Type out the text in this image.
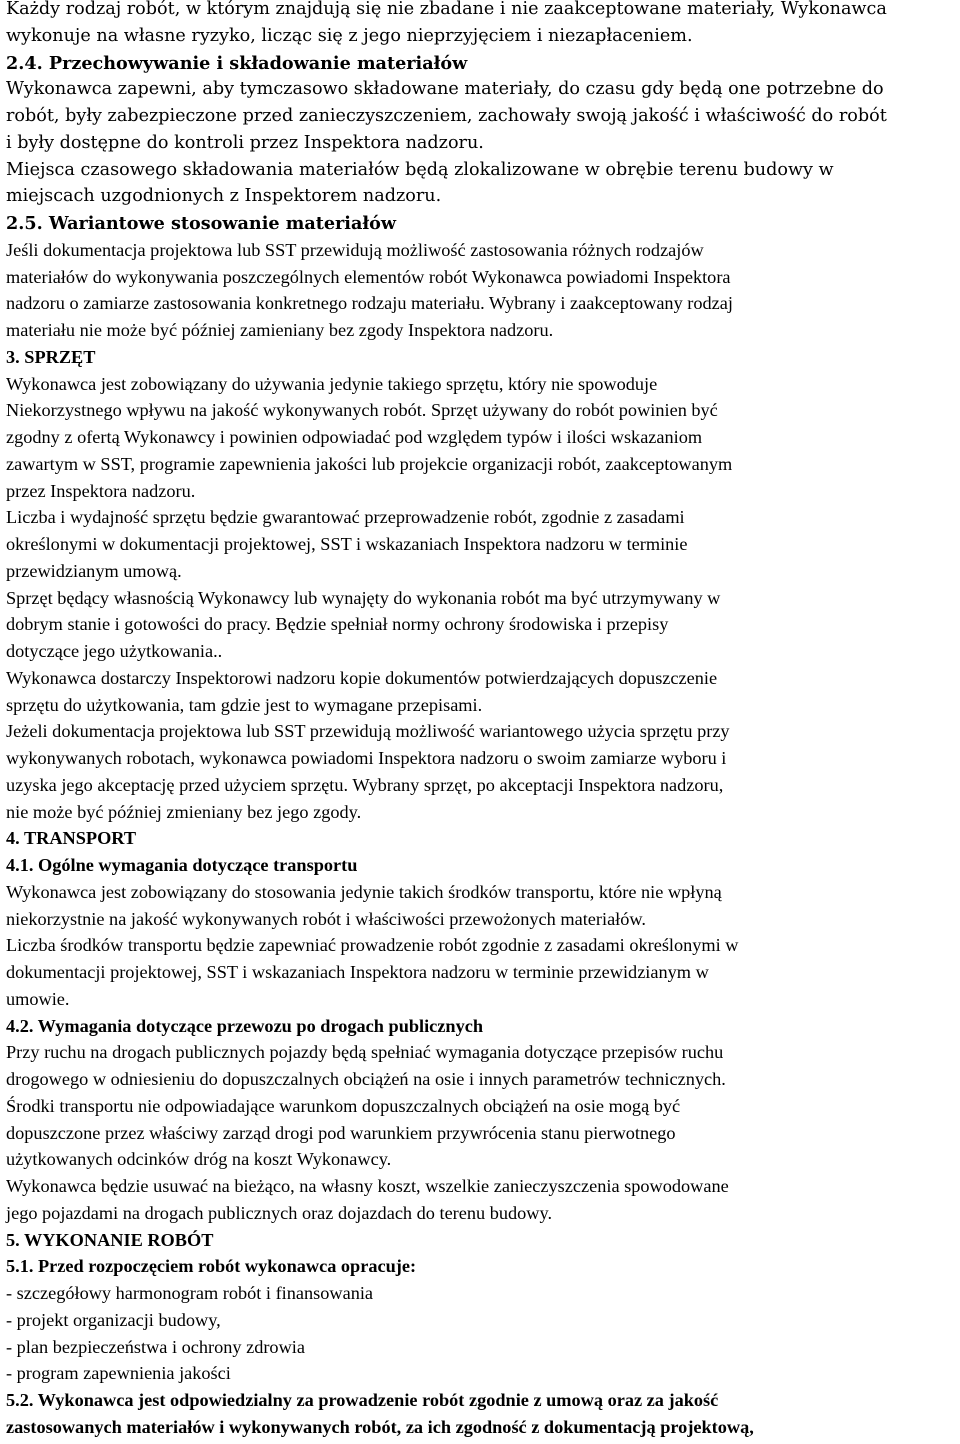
Każdy rodzaj robót, w którym znajdują się nie zbadane i nie zaakceptowane materiały, Wykonawca
wykonuje na własne ryzyko, licząc się z jego nieprzyjęciem i niezapłaceniem.
2.4. Przechowywanie i składowanie materiałów
Wykonawca zapewni, aby tymczasowo składowane materiały, do czasu gdy będą one potrzebne do
robót, były zabezpieczone przed zanieczyszczeniem, zachowały swoją jakość i właściwość do robót
i były dostępne do kontroli przez Inspektora nadzoru.
Miejsca czasowego składowania materiałów będą zlokalizowane w obrębie terenu budowy w
miejscach uzgodnionych z Inspektorem nadzoru.
2.5. Wariantowe stosowanie materiałów
Jeśli dokumentacja projektowa lub SST przewidują możliwość zastosowania różnych rodzajów
materiałów do wykonywania poszczególnych elementów robót Wykonawca powiadomi Inspektora
nadzoru o zamiarze zastosowania konkretnego rodzaju materiału. Wybrany i zaakceptowany rodzaj
materiału nie może być później zamieniany bez zgody Inspektora nadzoru.
3. SPRZĘT
Wykonawca jest zobowiązany do używania jedynie takiego sprzętu, który nie spowoduje
Niekorzystnego wpływu na jakość wykonywanych robót. Sprzęt używany do robót powinien być
zgodny z ofertą Wykonawcy i powinien odpowiadać pod względem typów i ilości wskazaniom
zawartym w SST, programie zapewnienia jakości lub projekcie organizacji robót, zaakceptowanym
przez Inspektora nadzoru.
Liczba i wydajność sprzętu będzie gwarantować przeprowadzenie robót, zgodnie z zasadami
określonymi w dokumentacji projektowej, SST i wskazaniach Inspektora nadzoru w terminie
przewidzianym umową.
Sprzęt będący własnością Wykonawcy lub wynajęty do wykonania robót ma być utrzymywany w
dobrym stanie i gotowości do pracy. Będzie spełniał normy ochrony środowiska i przepisy
dotyczące jego użytkowania..
Wykonawca dostarczy Inspektorowi nadzoru kopie dokumentów potwierdzających dopuszczenie
sprzętu do użytkowania, tam gdzie jest to wymagane przepisami.
Jeżeli dokumentacja projektowa lub SST przewidują możliwość wariantowego użycia sprzętu przy
wykonywanych robotach, wykonawca powiadomi Inspektora nadzoru o swoim zamiarze wyboru i
uzyska jego akceptację przed użyciem sprzętu. Wybrany sprzęt, po akceptacji Inspektora nadzoru,
nie może być później zmieniany bez jego zgody.
4. TRANSPORT
4.1. Ogólne wymagania dotyczące transportu
Wykonawca jest zobowiązany do stosowania jedynie takich środków transportu, które nie wpłyną
niekorzystnie na jakość wykonywanych robót i właściwości przewożonych materiałów.
Liczba środków transportu będzie zapewniać prowadzenie robót zgodnie z zasadami określonymi w
dokumentacji projektowej, SST i wskazaniach Inspektora nadzoru w terminie przewidzianym w
umowie.
4.2. Wymagania dotyczące przewozu po drogach publicznych
Przy ruchu na drogach publicznych pojazdy będą spełniać wymagania dotyczące przepisów ruchu
drogowego w odniesieniu do dopuszczalnych obciążeń na osie i innych parametrów technicznych.
Środki transportu nie odpowiadające warunkom dopuszczalnych obciążeń na osie mogą być
dopuszczone przez właściwy zarząd drogi pod warunkiem przywrócenia stanu pierwotnego
użytkowanych odcinków dróg na koszt Wykonawcy.
Wykonawca będzie usuwać na bieżąco, na własny koszt, wszelkie zanieczyszczenia spowodowane
jego pojazdami na drogach publicznych oraz dojazdach do terenu budowy.
5. WYKONANIE ROBÓT
5.1. Przed rozpoczęciem robót wykonawca opracuje:
- szczegółowy harmonogram robót i finansowania
- projekt organizacji budowy,
- plan bezpieczeństwa i ochrony zdrowia
- program zapewnienia jakości
5.2. Wykonawca jest odpowiedzialny za prowadzenie robót zgodnie z umową oraz za jakość
zastosowanych materiałów i wykonywanych robót, za ich zgodność z dokumentacją projektową,
